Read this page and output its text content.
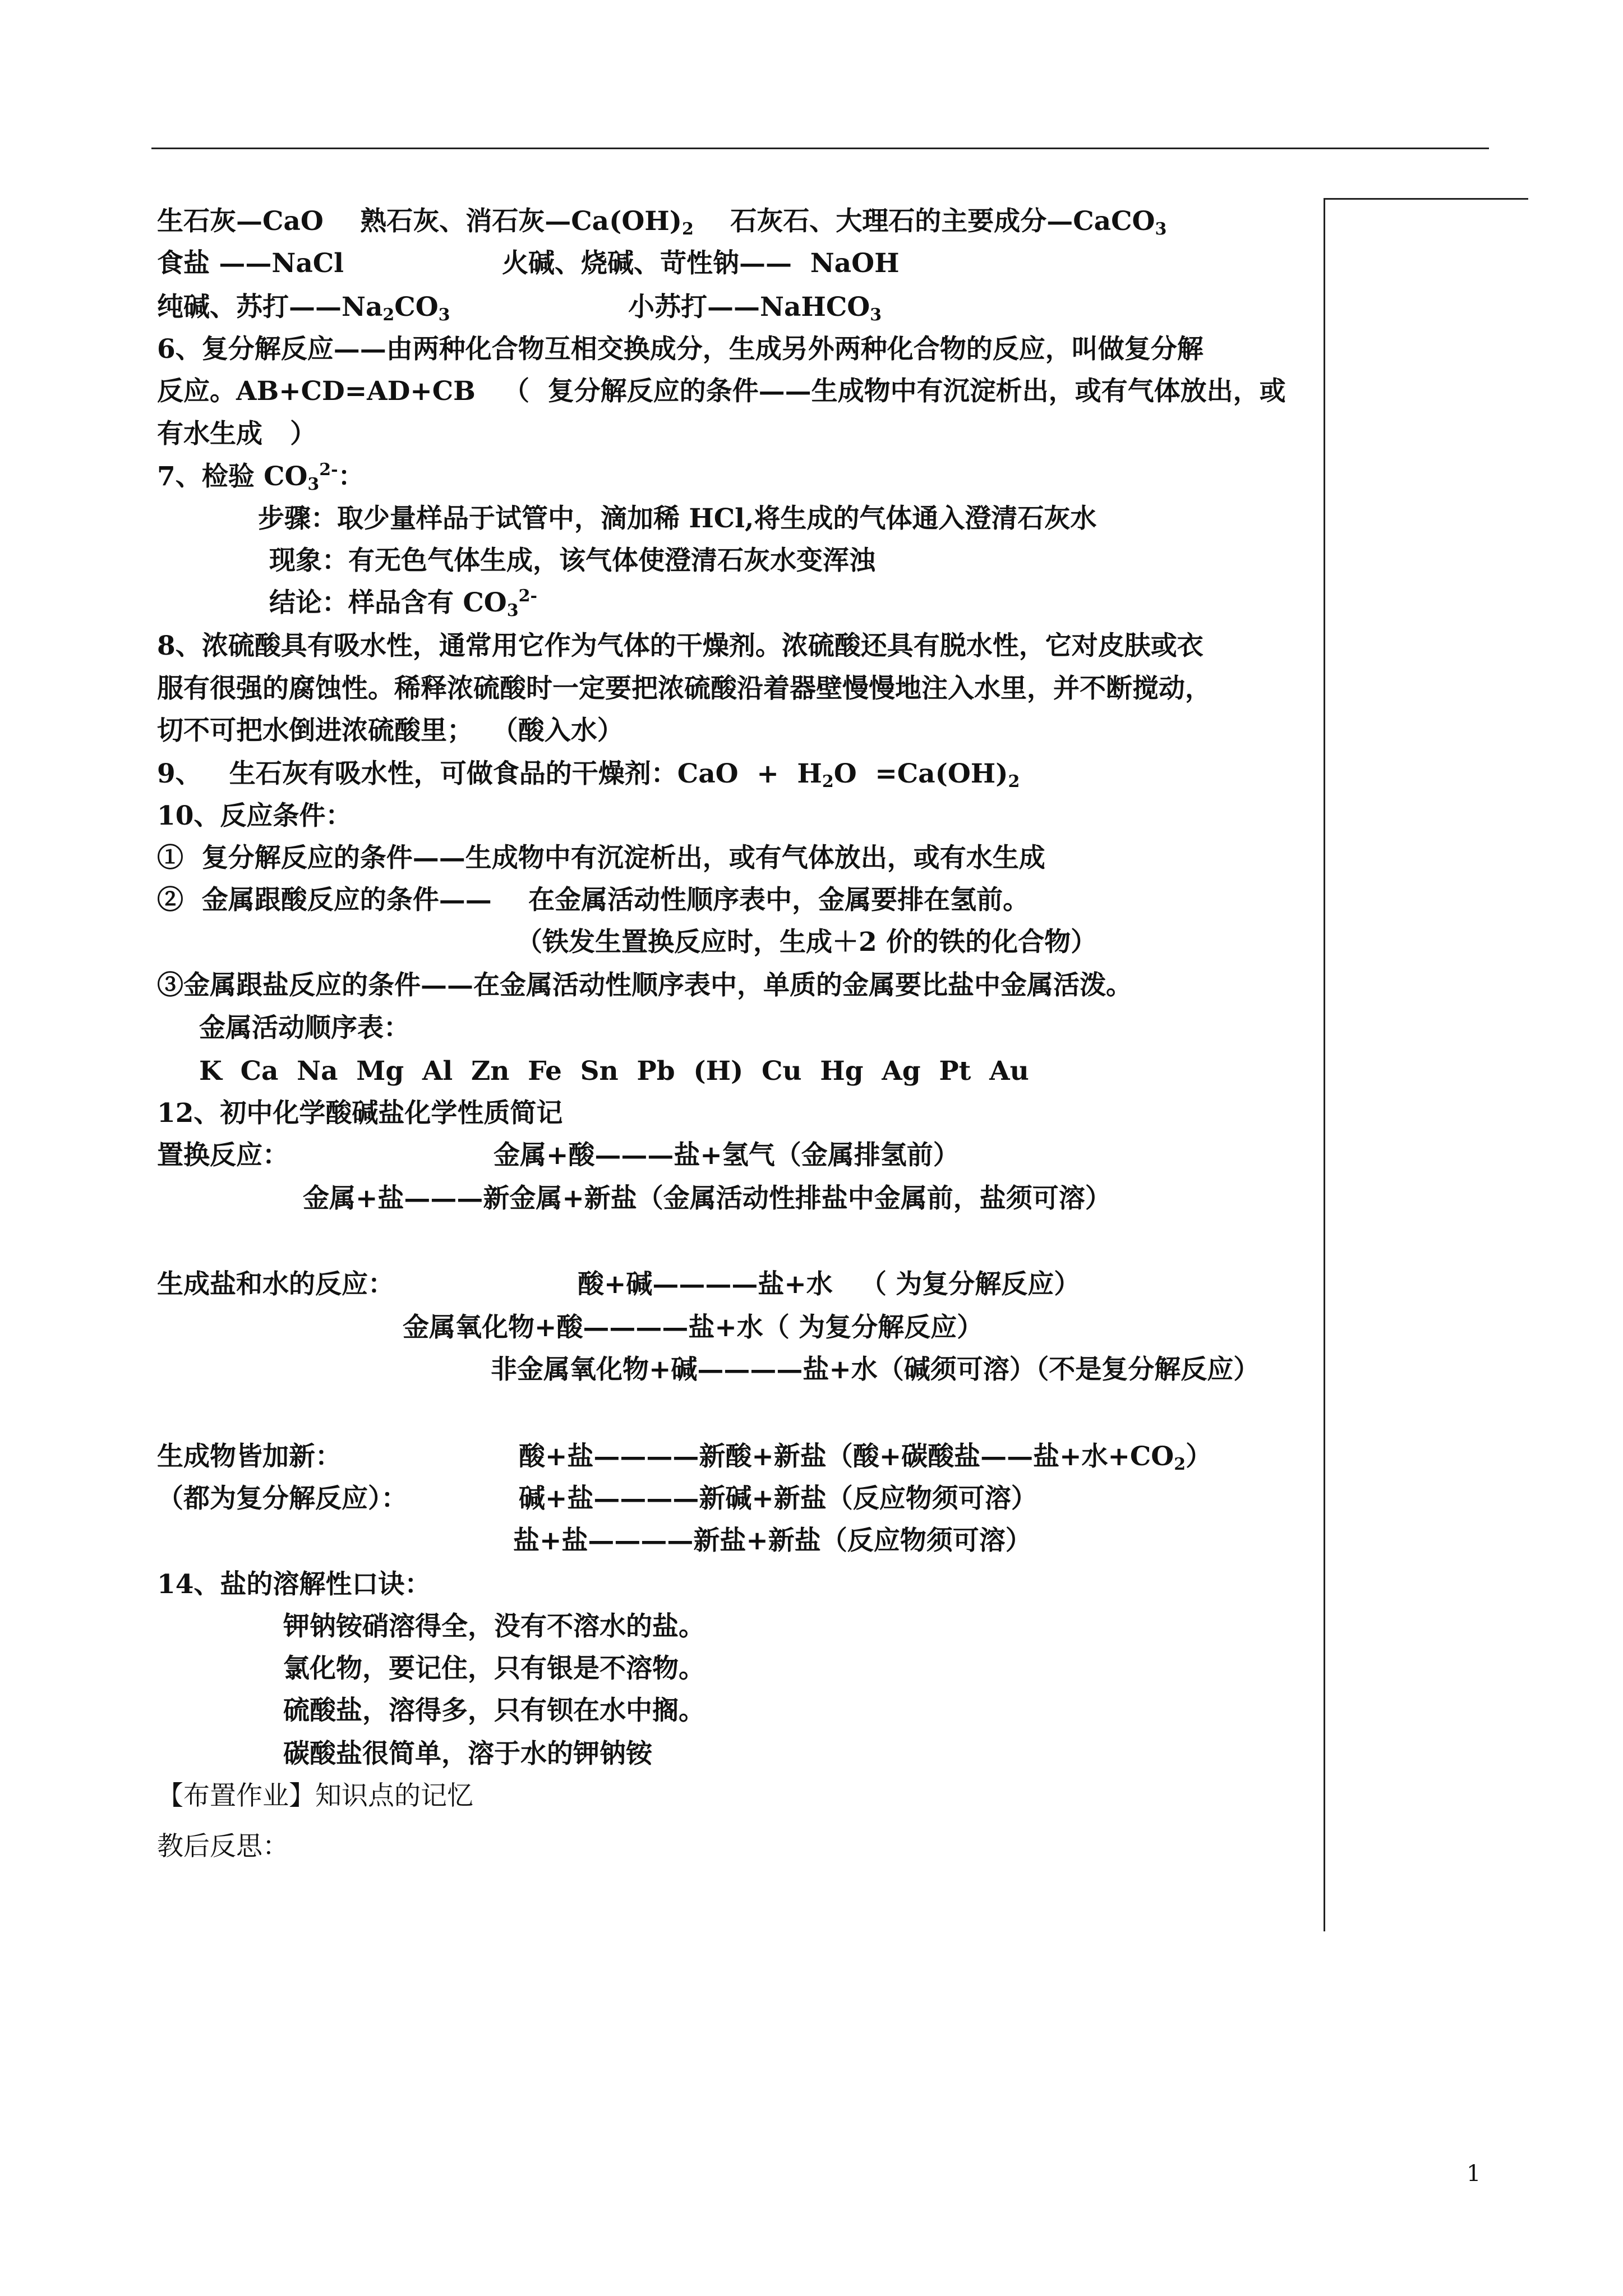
生石灰—CaO    熟石灰、消石灰$—Ca(OH)_2$    石灰石、大理石的主要成分—CaCO$_3$
食盐 ——NaCl	火碱、烧碱、苛性钠——  NaOH
纯碱、苏打$——Na_2CO_3$	小苏打——NaHCO$_3$
6、复分解反应——由两种化合物互相交换成分，生成另外两种化合物的反应，叫做复分解
反应。AB+CD=AD+CB   （  复分解反应的条件——生成物中有沉淀析出，或有气体放出，或
有水生成   ）
7、检验 $CO_3^{2-}$：
步骤：取少量样品于试管中，滴加稀 HCl,将生成的气体通入澄清石灰水
现象：有无色气体生成，该气体使澄清石灰水变浑浊
结论：样品含有 $CO_3^{2-}$
8、浓硫酸具有吸水性，通常用它作为气体的干燥剂。浓硫酸还具有脱水性，它对皮肤或衣
服有很强的腐蚀性。稀释浓硫酸时一定要把浓硫酸沿着器壁慢慢地注入水里，并不断搅动，
切不可把水倒进浓硫酸里；  （酸入水）
9、   生石灰有吸水性，可做食品的干燥剂：CaO  +  $H_2O =Ca(OH)_2$
10、反应条件：
①  复分解反应的条件——生成物中有沉淀析出，或有气体放出，或有水生成
②  金属跟酸反应的条件——    在金属活动性顺序表中，金属要排在氢前。
（铁发生置换反应时，生成＋2 价的铁的化合物）
③金属跟盐反应的条件——在金属活动性顺序表中，单质的金属要比盐中金属活泼。
金属活动顺序表：
K  Ca  Na  Mg  Al  Zn  Fe  Sn  Pb  (H)  Cu  Hg  Ag  Pt  Au
12、初中化学酸碱盐化学性质简记
置换反应：	金属+酸———盐+氢气（金属排氢前）
金属+盐———新金属+新盐（金属活动性排盐中金属前，盐须可溶）
生成盐和水的反应：	酸+碱————盐+水   （ 为复分解反应）
金属氧化物+酸————盐+水（ 为复分解反应）
非金属氧化物+碱————盐+水（碱须可溶）（不是复分解反应）
生成物皆加新：	酸+盐————新酸+新盐（酸+碳酸盐——盐+水$+CO_2$）
（都为复分解反应）：	碱+盐————新碱+新盐（反应物须可溶）
盐+盐————新盐+新盐（反应物须可溶）
14、盐的溶解性口诀：
钾钠铵硝溶得全，没有不溶水的盐。
氯化物，要记住，只有银是不溶物。
硫酸盐，溶得多，只有钡在水中搁。
碳酸盐很简单，溶于水的钾钠铵
【布置作业】知识点的记忆
教后反思：
1
